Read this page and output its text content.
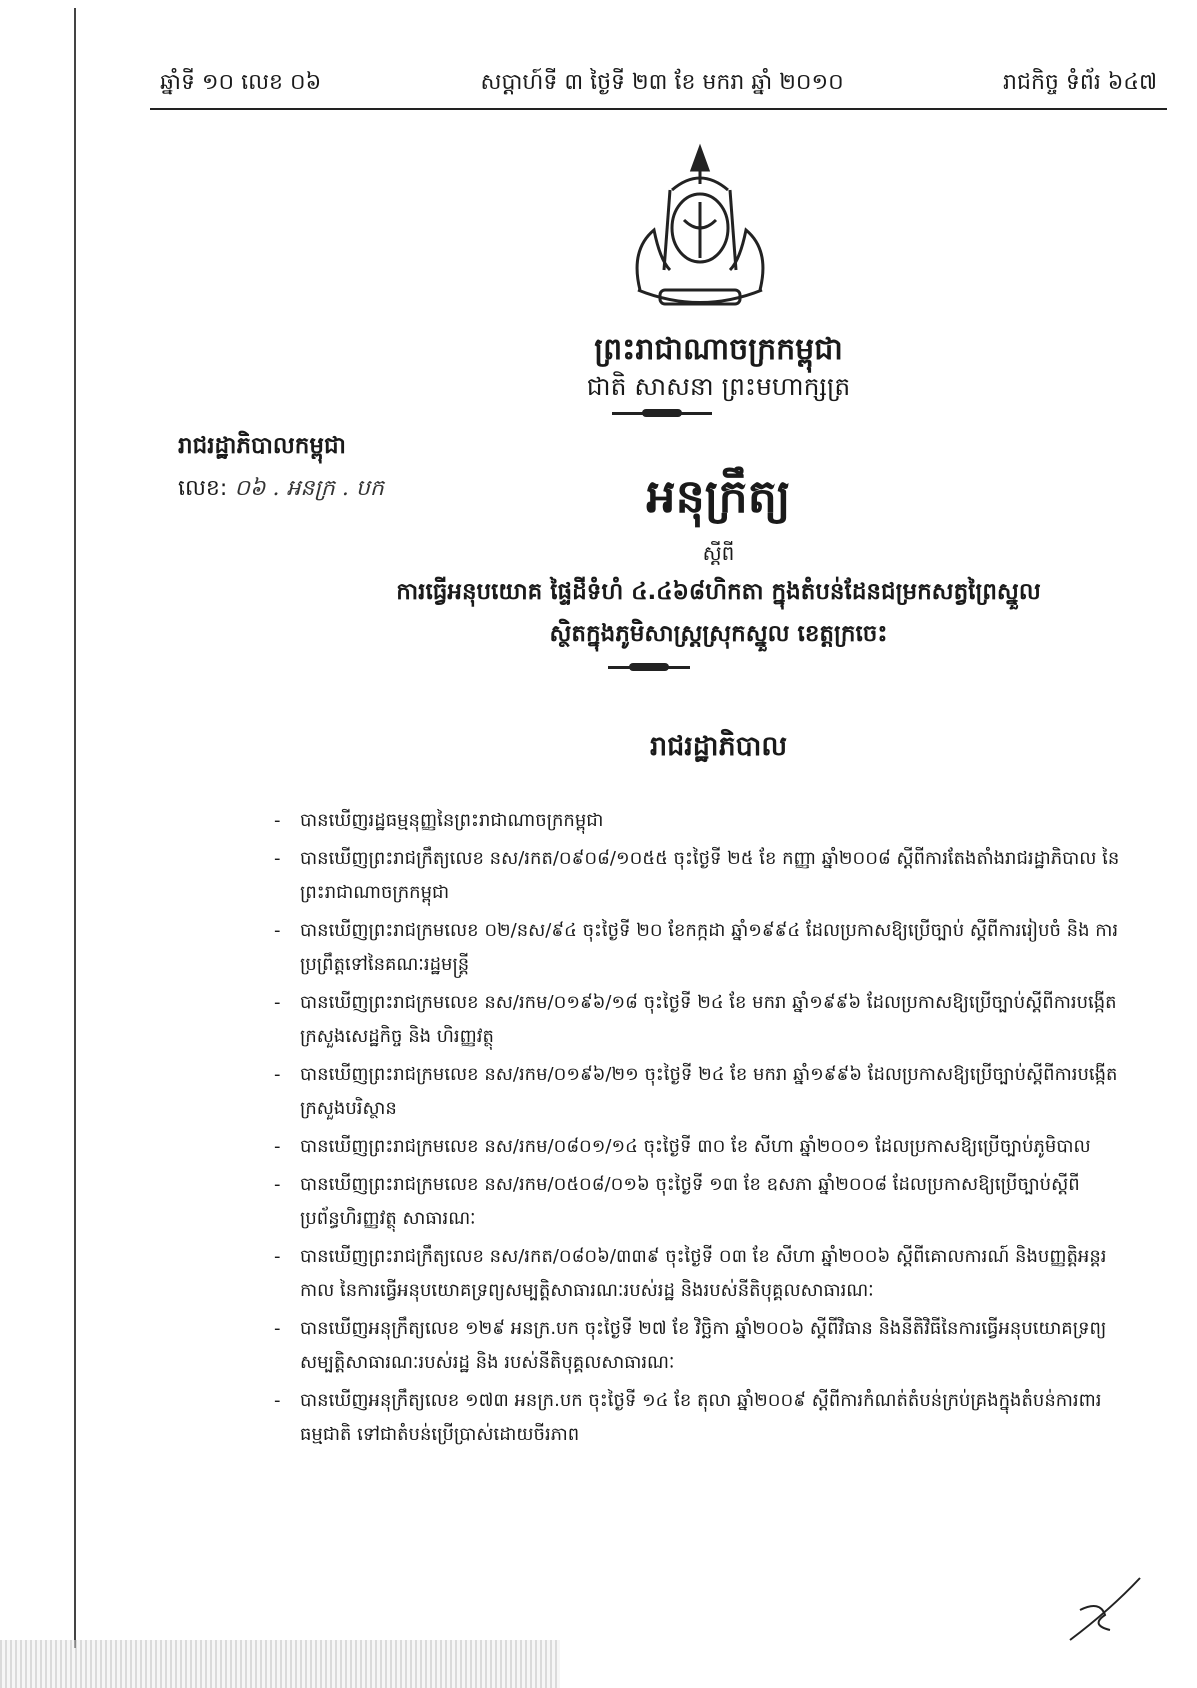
ឆ្នាំទី ១០ លេខ ០៦	សប្តាហ៍ទី ៣ ថ្ងៃទី ២៣ ខែ មករា ឆ្នាំ ២០១០	រាជកិច្ច ទំព័រ ៦៤៧
ព្រះរាជាណាចក្រកម្ពុជា
ជាតិ សាសនា ព្រះមហាក្សត្រ
រាជរដ្ឋាភិបាលកម្ពុជា
លេខ: ០៦ . អនក្រ . បក	អនុក្រឹត្យ
ស្តីពី
ការធ្វើអនុបយោគ ផ្ទៃដីទំហំ ៤.៤៦៨ហិកតា ក្នុងតំបន់ដែនជម្រកសត្វព្រៃស្នួល
ស្ថិតក្នុងភូមិសាស្ត្រស្រុកស្នួល ខេត្តក្រចេះ
រាជរដ្ឋាភិបាល
- បានឃើញរដ្ឋធម្មនុញ្ញនៃព្រះរាជាណាចក្រកម្ពុជា
- បានឃើញព្រះរាជក្រឹត្យលេខ នស/រកត/០៩០៨/១០៥៥ ចុះថ្ងៃទី ២៥ ខែ កញ្ញា ឆ្នាំ២០០៨ ស្តីពីការតែងតាំងរាជរដ្ឋាភិបាល នៃព្រះរាជាណាចក្រកម្ពុជា
- បានឃើញព្រះរាជក្រមលេខ ០២/នស/៩៤ ចុះថ្ងៃទី ២០ ខែកក្កដា ឆ្នាំ១៩៩៤ ដែលប្រកាសឱ្យប្រើច្បាប់ ស្តីពីការរៀបចំ និង ការប្រព្រឹត្តទៅនៃគណៈរដ្ឋមន្ត្រី
- បានឃើញព្រះរាជក្រមលេខ នស/រកម/០១៩៦/១៨ ចុះថ្ងៃទី ២៤ ខែ មករា ឆ្នាំ១៩៩៦ ដែលប្រកាសឱ្យប្រើច្បាប់ស្តីពីការបង្កើតក្រសួងសេដ្ឋកិច្ច និង ហិរញ្ញវត្ថុ
- បានឃើញព្រះរាជក្រមលេខ នស/រកម/០១៩៦/២១ ចុះថ្ងៃទី ២៤ ខែ មករា ឆ្នាំ១៩៩៦ ដែលប្រកាសឱ្យប្រើច្បាប់ស្តីពីការបង្កើតក្រសួងបរិស្ថាន
- បានឃើញព្រះរាជក្រមលេខ នស/រកម/០៨០១/១៤ ចុះថ្ងៃទី ៣០ ខែ សីហា ឆ្នាំ២០០១ ដែលប្រកាសឱ្យប្រើច្បាប់ភូមិបាល
- បានឃើញព្រះរាជក្រមលេខ នស/រកម/០៥០៨/០១៦ ចុះថ្ងៃទី ១៣ ខែ ឧសភា ឆ្នាំ២០០៨ ដែលប្រកាសឱ្យប្រើច្បាប់ស្តីពីប្រព័ន្ធហិរញ្ញវត្ថុ សាធារណៈ
- បានឃើញព្រះរាជក្រឹត្យលេខ នស/រកត/០៨០៦/៣៣៩ ចុះថ្ងៃទី ០៣ ខែ សីហា ឆ្នាំ២០០៦ ស្តីពីគោលការណ៍ និងបញ្ញត្តិអន្តរកាល នៃការធ្វើអនុបយោគទ្រព្យសម្បត្តិសាធារណៈរបស់រដ្ឋ និងរបស់នីតិបុគ្គលសាធារណៈ
- បានឃើញអនុក្រឹត្យលេខ ១២៩ អនក្រ.បក ចុះថ្ងៃទី ២៧ ខែ វិច្ឆិកា ឆ្នាំ២០០៦ ស្តីពីវិធាន និងនីតិវិធីនៃការធ្វើអនុបយោគទ្រព្យសម្បត្តិសាធារណៈរបស់រដ្ឋ និង របស់នីតិបុគ្គលសាធារណៈ
- បានឃើញអនុក្រឹត្យលេខ ១៧៣ អនក្រ.បក ចុះថ្ងៃទី ១៤ ខែ តុលា ឆ្នាំ២០០៩ ស្តីពីការកំណត់តំបន់ក្រប់គ្រងក្នុងតំបន់ការពារធម្មជាតិ ទៅជាតំបន់ប្រើប្រាស់ដោយចីរភាព
